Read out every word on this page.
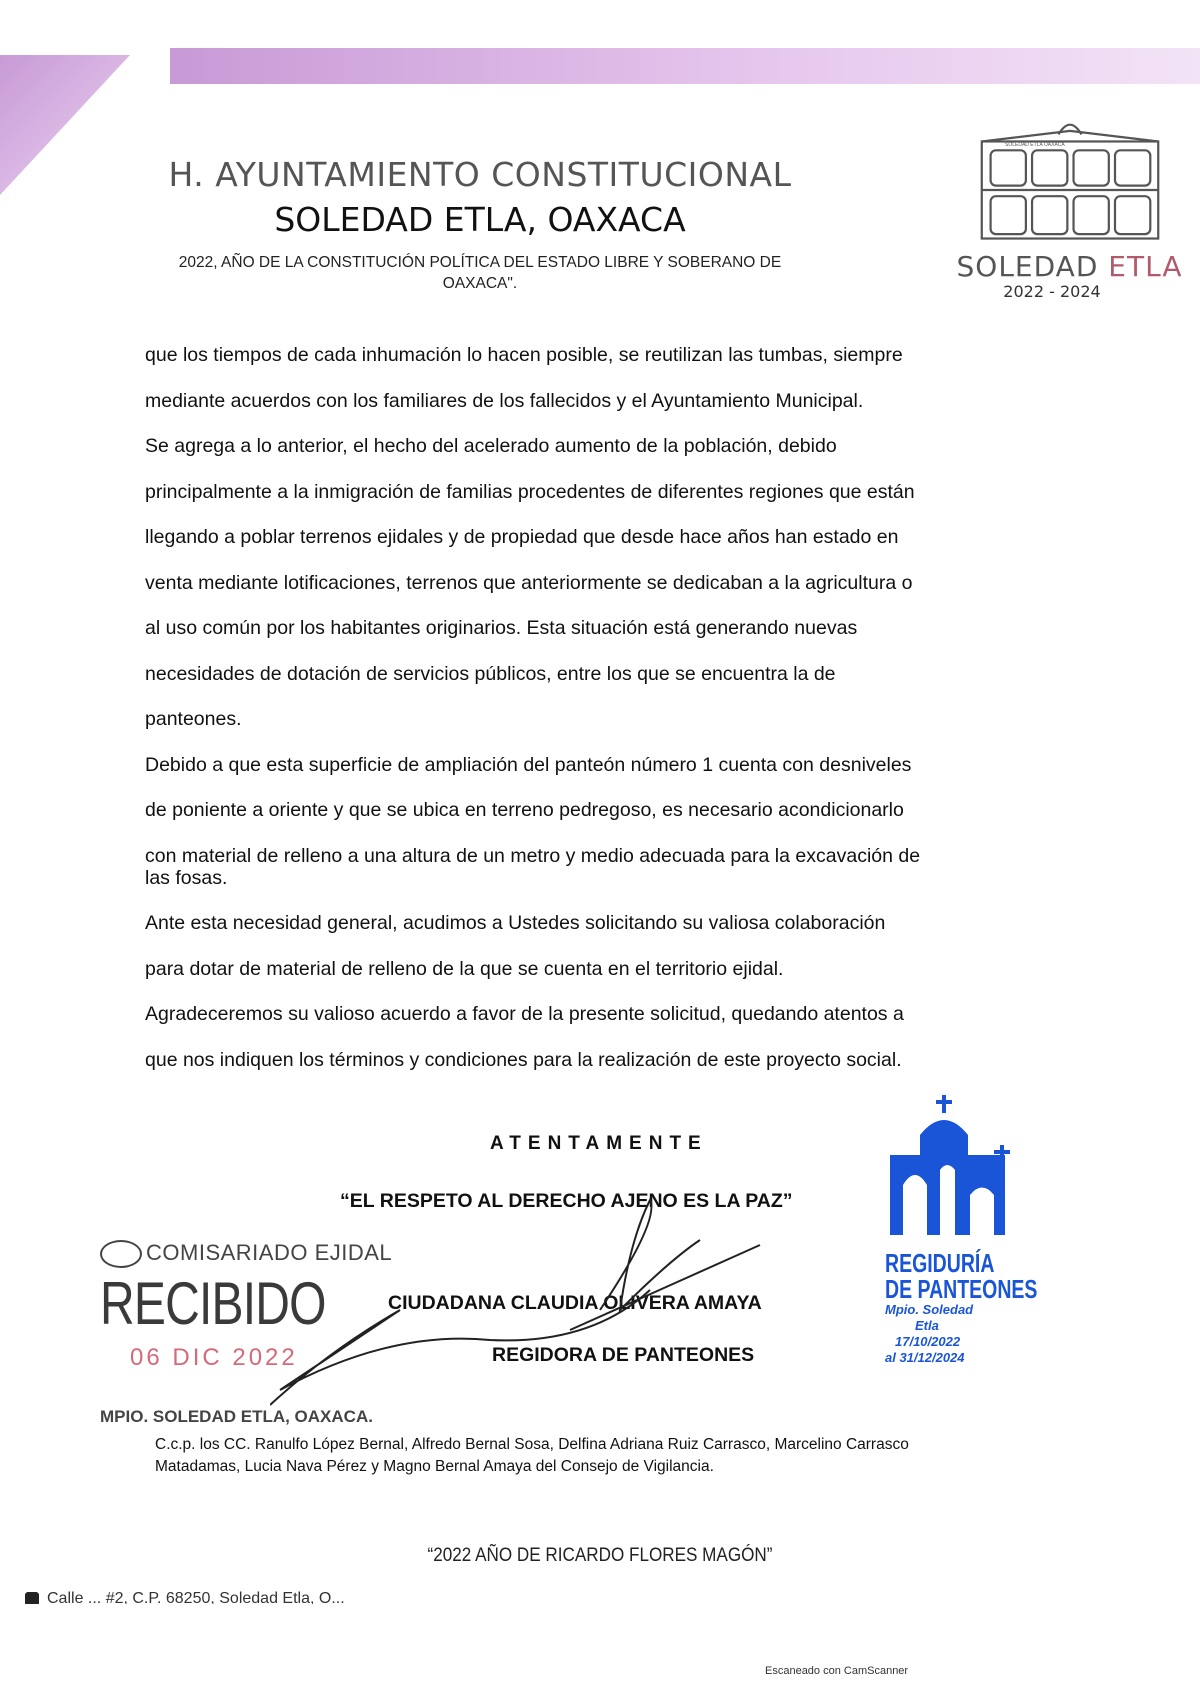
H. AYUNTAMIENTO CONSTITUCIONAL
SOLEDAD ETLA, OAXACA
2022, AÑO DE LA CONSTITUCIÓN POLÍTICA DEL ESTADO LIBRE Y SOBERANO DE
OAXACA".
SOLEDAD ETLA OAXACA
SOLEDAD ETLA
2022 - 2024
que los tiempos de cada inhumación lo hacen posible, se reutilizan las tumbas, siempre
mediante acuerdos con los familiares de los fallecidos y el Ayuntamiento Municipal.
Se agrega a lo anterior, el hecho del acelerado aumento de la población, debido
principalmente a la inmigración de familias procedentes de diferentes regiones que están
llegando a poblar terrenos ejidales y de propiedad que desde hace años han estado en
venta mediante lotificaciones, terrenos que anteriormente se dedicaban a la agricultura o
al uso común por los habitantes originarios. Esta situación está generando nuevas
necesidades de dotación de servicios públicos, entre los que se encuentra la de
panteones.
Debido a que esta superficie de ampliación del panteón número 1 cuenta con desniveles
de poniente a oriente y que se ubica en terreno pedregoso, es necesario acondicionarlo
con material de relleno a una altura de un metro y medio adecuada para la excavación de
las fosas.
Ante esta necesidad general, acudimos a Ustedes solicitando su valiosa colaboración
para dotar de material de relleno de la que se cuenta en el territorio ejidal.
Agradeceremos su valioso acuerdo a favor de la presente solicitud, quedando atentos a
que nos indiquen los términos y condiciones para la realización de este proyecto social.
REGIDURÍA
DE PANTEONES
Mpio. Soledad
Etla
17/10/2022
al 31/12/2024
ATENTAMENTE
“EL RESPETO AL DERECHO AJENO ES LA PAZ”
CIUDADANA CLAUDIA OLIVERA AMAYA
REGIDORA DE PANTEONES
COMISARIADO EJIDAL
RECIBIDO
06 DIC 2022
MPIO. SOLEDAD ETLA, OAXACA.
C.c.p. los CC. Ranulfo López Bernal, Alfredo Bernal Sosa, Delfina Adriana Ruiz Carrasco, Marcelino Carrasco
Matadamas, Lucia Nava Pérez y Magno Bernal Amaya del Consejo de Vigilancia.
“2022 AÑO DE RICARDO FLORES MAGÓN”
Calle ... #2, C.P. 68250, Soledad Etla, O...
Escaneado con CamScanner
